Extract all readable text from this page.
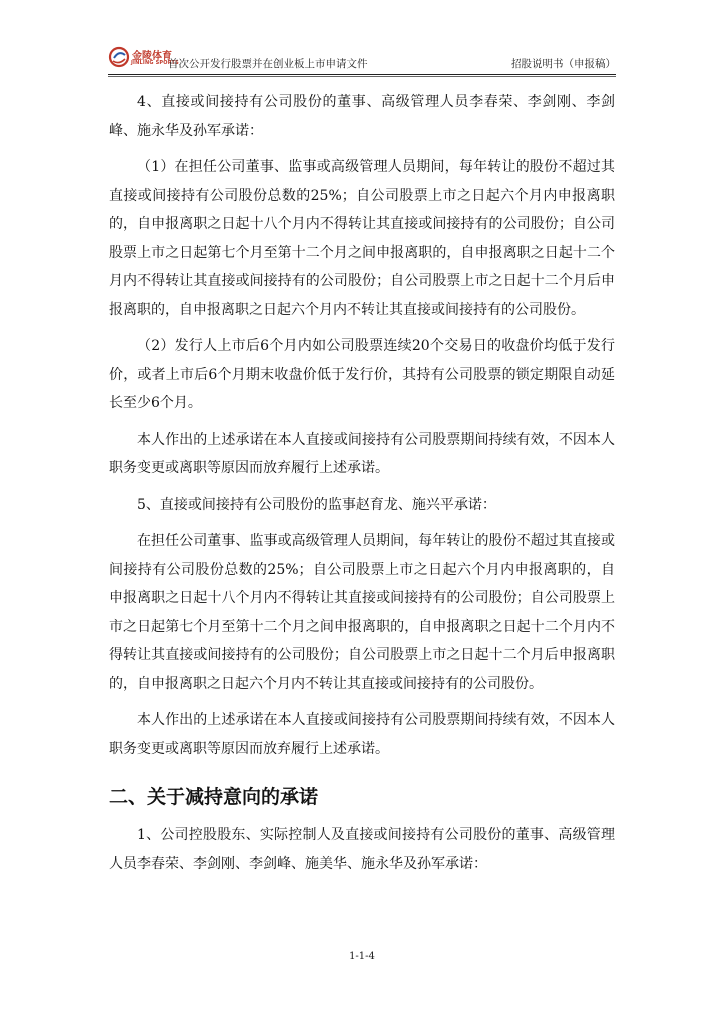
金陵体育
JINLING SPORTS
首次公开发行股票并在创业板上市申请文件	招股说明书（申报稿）

4、直接或间接持有公司股份的董事、高级管理人员李春荣、李剑刚、李剑峰、施永华及孙军承诺：

（1）在担任公司董事、监事或高级管理人员期间，每年转让的股份不超过其直接或间接持有公司股份总数的25%；自公司股票上市之日起六个月内申报离职的，自申报离职之日起十八个月内不得转让其直接或间接持有的公司股份；自公司股票上市之日起第七个月至第十二个月之间申报离职的，自申报离职之日起十二个月内不得转让其直接或间接持有的公司股份；自公司股票上市之日起十二个月后申报离职的，自申报离职之日起六个月内不转让其直接或间接持有的公司股份。

（2）发行人上市后6个月内如公司股票连续20个交易日的收盘价均低于发行价，或者上市后6个月期末收盘价低于发行价，其持有公司股票的锁定期限自动延长至少6个月。

本人作出的上述承诺在本人直接或间接持有公司股票期间持续有效，不因本人职务变更或离职等原因而放弃履行上述承诺。

5、直接或间接持有公司股份的监事赵育龙、施兴平承诺：

在担任公司董事、监事或高级管理人员期间，每年转让的股份不超过其直接或间接持有公司股份总数的25%；自公司股票上市之日起六个月内申报离职的，自申报离职之日起十八个月内不得转让其直接或间接持有的公司股份；自公司股票上市之日起第七个月至第十二个月之间申报离职的，自申报离职之日起十二个月内不得转让其直接或间接持有的公司股份；自公司股票上市之日起十二个月后申报离职的，自申报离职之日起六个月内不转让其直接或间接持有的公司股份。

本人作出的上述承诺在本人直接或间接持有公司股票期间持续有效，不因本人职务变更或离职等原因而放弃履行上述承诺。

二、关于减持意向的承诺

1、公司控股股东、实际控制人及直接或间接持有公司股份的董事、高级管理人员李春荣、李剑刚、李剑峰、施美华、施永华及孙军承诺：

1-1-4
